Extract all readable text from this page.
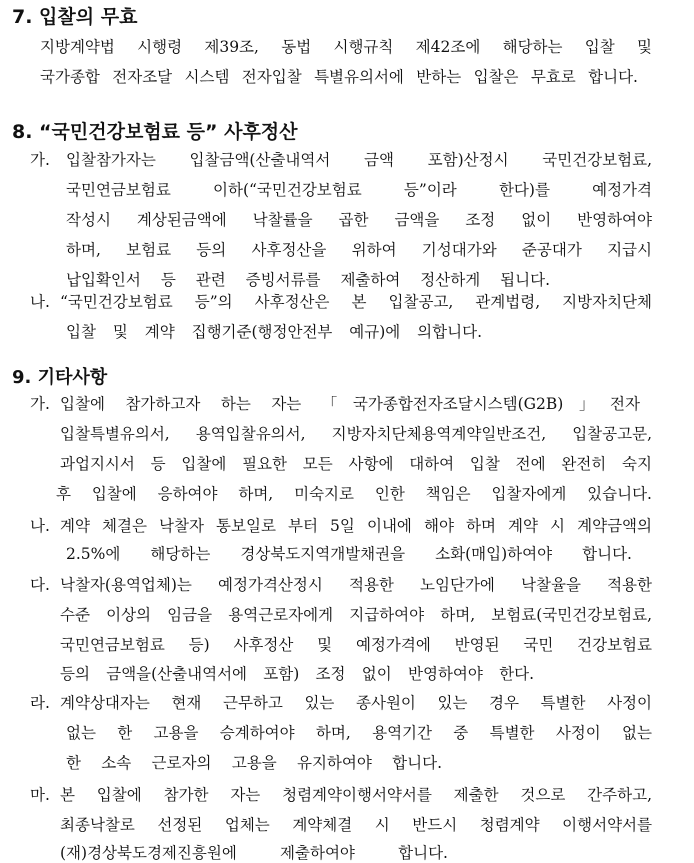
7. 입찰의 무효
지방계약법 시행령 제39조, 동법 시행규칙 제42조에 해당하는 입찰 및
국가종합 전자조달 시스템 전자입찰 특별유의서에 반하는 입찰은 무효로 합니다.
8. “국민건강보험료 등” 사후정산
가. 입찰참가자는 입찰금액(산출내역서 금액 포함)산정시 국민건강보험료,
국민연금보험료 이하(“국민건강보험료 등”이라 한다)를 예정가격
작성시 계상된금액에 낙찰률을 곱한 금액을 조정 없이 반영하여야
하며, 보험료 등의 사후정산을 위하여 기성대가와 준공대가 지급시
납입확인서 등 관련 증빙서류를 제출하여 정산하게 됩니다.
나. “국민건강보험료 등”의 사후정산은 본 입찰공고, 관계법령, 지방자치단체
입찰 및 계약 집행기준(행정안전부 예규)에 의합니다.
9. 기타사항
가. 입찰에 참가하고자 하는 자는 「국가종합전자조달시스템(G2B)」전자
입찰특별유의서, 용역입찰유의서, 지방자치단체용역계약일반조건, 입찰공고문,
과업지시서 등 입찰에 필요한 모든 사항에 대하여 입찰 전에 완전히 숙지
후 입찰에 응하여야 하며, 미숙지로 인한 책임은 입찰자에게 있습니다.
나. 계약 체결은 낙찰자 통보일로 부터 5일 이내에 해야 하며 계약 시 계약금액의
2.5%에 해당하는 경상북도지역개발채권을 소화(매입)하여야 합니다.
다. 낙찰자(용역업체)는 예정가격산정시 적용한 노임단가에 낙찰율을 적용한
수준 이상의 임금을 용역근로자에게 지급하여야 하며, 보험료(국민건강보험료,
국민연금보험료 등) 사후정산 및 예정가격에 반영된 국민 건강보험료
등의 금액을(산출내역서에 포함) 조정 없이 반영하여야 한다.
라. 계약상대자는 현재 근무하고 있는 종사원이 있는 경우 특별한 사정이
없는 한 고용을 승계하여야 하며, 용역기간 중 특별한 사정이 없는
한 소속 근로자의 고용을 유지하여야 합니다.
마. 본 입찰에 참가한 자는 청렴계약이행서약서를 제출한 것으로 간주하고,
최종낙찰로 선정된 업체는 계약체결 시 반드시 청렴계약 이행서약서를
(재)경상북도경제진흥원에 제출하여야 합니다.
